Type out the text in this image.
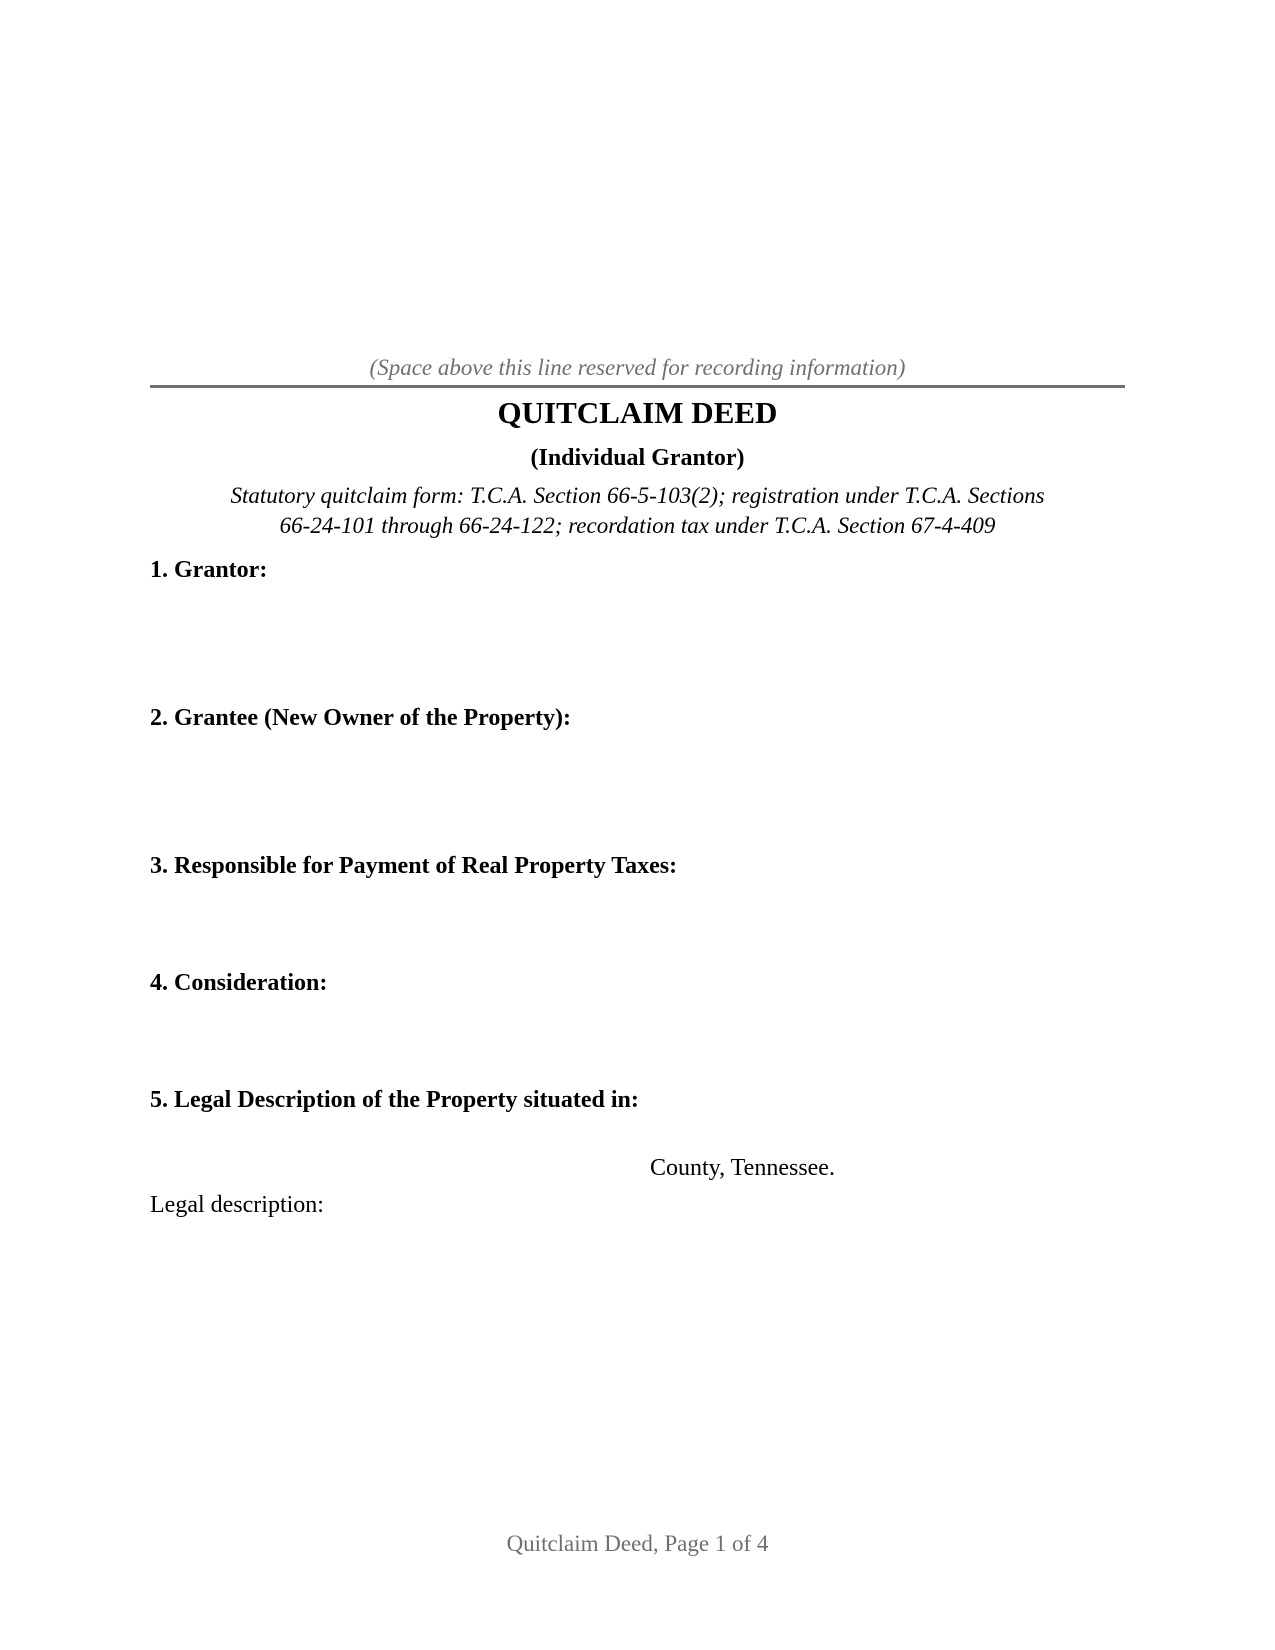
(Space above this line reserved for recording information)
QUITCLAIM DEED
(Individual Grantor)
Statutory quitclaim form: T.C.A. Section 66-5-103(2); registration under T.C.A. Sections
66-24-101 through 66-24-122; recordation tax under T.C.A. Section 67-4-409
1. Grantor:
2. Grantee (New Owner of the Property):
3. Responsible for Payment of Real Property Taxes:
4. Consideration:
5. Legal Description of the Property situated in:
County, Tennessee.
Legal description:
Quitclaim Deed, Page 1 of 4
